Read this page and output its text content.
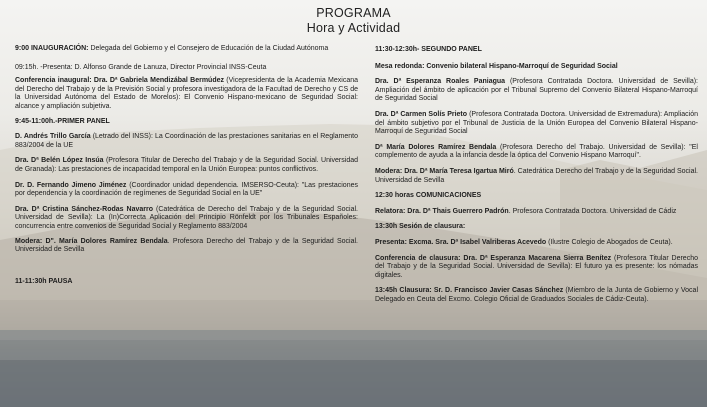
PROGRAMA
Hora y Actividad

9:00 INAUGURACIÓN: Delegada del Gobierno y el Consejero de Educación de la Ciudad Autónoma

09:15h. -Presenta: D. Alfonso Grande de Lanuza, Director Provincial INSS-Ceuta

Conferencia inaugural: Dra. Dª Gabriela Mendizábal Bermúdez (Vicepresidenta de la Academia Mexicana del Derecho del Trabajo y de la Previsión Social y profesora investigadora de la Facultad de Derecho y CS de la Universidad Autónoma del Estado de Morelos): El Convenio Hispano-mexicano de Seguridad Social: alcance y ampliación subjetiva.

9:45-11:00h.-PRIMER PANEL

D. Andrés Trillo García (Letrado del INSS): La Coordinación de las prestaciones sanitarias en el Reglamento 883/2004 de la UE

Dra. Dª Belén López Insúa (Profesora Titular de Derecho del Trabajo y de la Seguridad Social. Universidad de Granada): Las prestaciones de incapacidad temporal en la Unión Europea: puntos conflictivos.

Dr. D. Fernando Jimeno Jiménez (Coordinador unidad dependencia. IMSERSO-Ceuta): "Las prestaciones por dependencia y la coordinación de regímenes de Seguridad Social en la UE"

Dra. Dª Cristina Sánchez-Rodas Navarro (Catedrática de Derecho del Trabajo y de la Seguridad Social. Universidad de Sevilla): La (In)Correcta Aplicación del Principio Rönfeldt por los Tribunales Españoles: concurrencia entre convenios de Seguridad Social y Reglamento 883/2004

Modera: D". María Dolores Ramírez Bendala. Profesora Derecho del Trabajo y de la Seguridad Social. Universidad de Sevilla

11-11:30h PAUSA

11:30-12:30h- SEGUNDO PANEL

Mesa redonda: Convenio bilateral Hispano-Marroquí de Seguridad Social

Dra. Dª Esperanza Roales Paniagua (Profesora Contratada Doctora. Universidad de Sevilla): Ampliación del ámbito de aplicación por el Tribunal Supremo del Convenio Bilateral Hispano-Marroquí de Seguridad Social

Dra. Dª Carmen Solís Prieto (Profesora Contratada Doctora. Universidad de Extremadura): Ampliación del ámbito subjetivo por el Tribunal de Justicia de la Unión Europea del Convenio Bilateral Hispano-Marroquí de Seguridad Social

Dª María Dolores Ramírez Bendala (Profesora Derecho del Trabajo. Universidad de Sevilla): "El complemento de ayuda a la infancia desde la óptica del Convenio Hispano Marroquí".

Modera: Dra. Dª María Teresa Igartua Miró. Catedrática Derecho del Trabajo y de la Seguridad Social. Universidad de Sevilla

12:30 horas COMUNICACIONES

Relatora: Dra. Dª Thais Guerrero Padrón. Profesora Contratada Doctora. Universidad de Cádiz

13:30h Sesión de clausura:

Presenta: Excma. Sra. Dª Isabel Valriberas Acevedo (Ilustre Colegio de Abogados de Ceuta).

Conferencia de clausura: Dra. Dª Esperanza Macarena Sierra Benítez (Profesora Titular Derecho del Trabajo y de la Seguridad Social. Universidad de Sevilla): El futuro ya es presente: los nómadas digitales.

13:45h Clausura: Sr. D. Francisco Javier Casas Sánchez (Miembro de la Junta de Gobierno y Vocal Delegado en Ceuta del Excmo. Colegio Oficial de Graduados Sociales de Cádiz-Ceuta).
